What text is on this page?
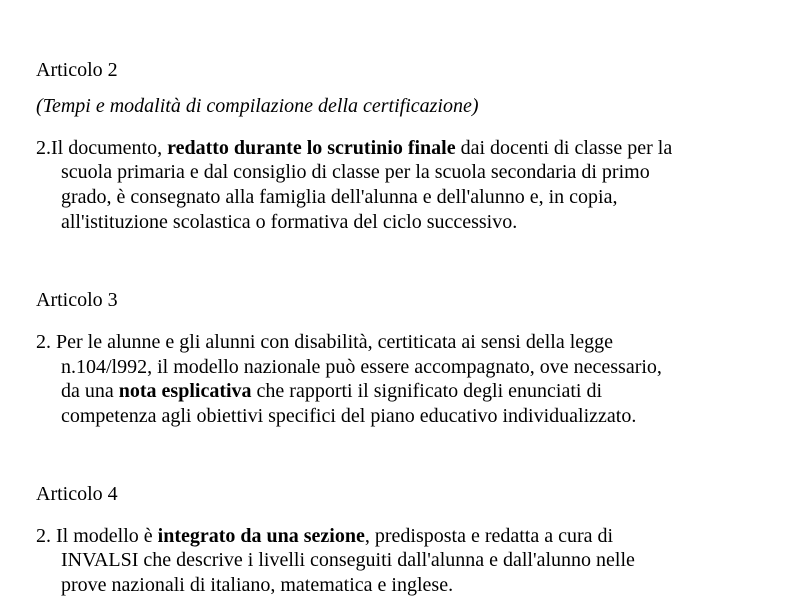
Articolo 2

(Tempi e modalità di compilazione della certificazione)

2.Il documento, redatto durante lo scrutinio finale dai docenti di classe per la

scuola primaria e dal consiglio di classe per la scuola secondaria di primo

grado, è consegnato alla famiglia dell'alunna e dell'alunno e, in copia,

all'istituzione scolastica o formativa del ciclo successivo.

Articolo 3

2. Per le alunne e gli alunni con disabilità, certiticata ai sensi della legge

n.104/l992, il modello nazionale può essere accompagnato, ove necessario,

da una nota esplicativa che rapporti il significato degli enunciati di

competenza agli obiettivi specifici del piano educativo individualizzato.

Articolo 4

2. Il modello è integrato da una sezione, predisposta e redatta a cura di

INVALSI che descrive i livelli conseguiti dall'alunna e dall'alunno nelle

prove nazionali di italiano, matematica e inglese.
